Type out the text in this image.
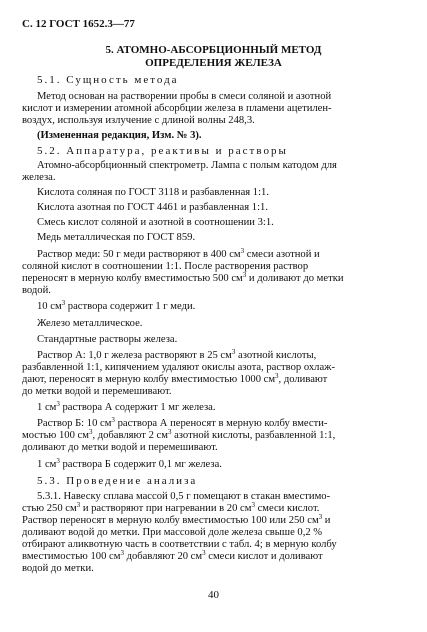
С. 12 ГОСТ 1652.3—77
5. АТОМНО-АБСОРБЦИОННЫЙ МЕТОД
ОПРЕДЕЛЕНИЯ ЖЕЛЕЗА
5.1. Сущность метода
Метод основан на растворении пробы в смеси соляной и азотной
кислот и измерении атомной абсорбции железа в пламени ацетилен-
воздух, используя излучение с длиной волны 248,3.
(Измененная редакция, Изм. № 3).
5.2. Аппаратура, реактивы и растворы
Атомно-абсорбционный спектрометр. Лампа с полым катодом для
железа.
Кислота соляная по ГОСТ 3118 и разбавленная 1:1.
Кислота азотная по ГОСТ 4461 и разбавленная 1:1.
Смесь кислот соляной и азотной в соотношении 3:1.
Медь металлическая по ГОСТ 859.
Раствор меди: 50 г меди растворяют в 400 $см^3$ смеси азотной и
соляной кислот в соотношении 1:1. После растворения раствор
переносят в мерную колбу вместимостью 500 $см^3$ и доливают до метки
водой.
10 $см^3$ раствора содержит 1 г меди.
Железо металлическое.
Стандартные растворы железа.
Раствор А: 1,0 г железа растворяют в 25 $см^3$ азотной кислоты,
разбавленной 1:1, кипячением удаляют окислы азота, раствор охлаж-
дают, переносят в мерную колбу вместимостью 1000 $см^3$, доливают
до метки водой и перемешивают.
1 $см^3$ раствора А содержит 1 мг железа.
Раствор Б: 10 $см^3$ раствора А переносят в мерную колбу вмести-
мостью 100 $см^3$, добавляют 2 $см^3$ азотной кислоты, разбавленной 1:1,
доливают до метки водой и перемешивают.
1 $см^3$ раствора Б содержит 0,1 мг железа.
5.3. Проведение анализа
5.3.1. Навеску сплава массой 0,5 г помещают в стакан вместимо-
стью 250 $см^3$ и растворяют при нагревании в 20 $см^3$ смеси кислот.
Раствор переносят в мерную колбу вместимостью 100 или 250 $см^3$ и
доливают водой до метки. При массовой доле железа свыше 0,2 %
отбирают аликвотную часть в соответствии с табл. 4; в мерную колбу
вместимостью 100 $см^3$ добавляют 20 $см^3$ смеси кислот и доливают
водой до метки.
40
